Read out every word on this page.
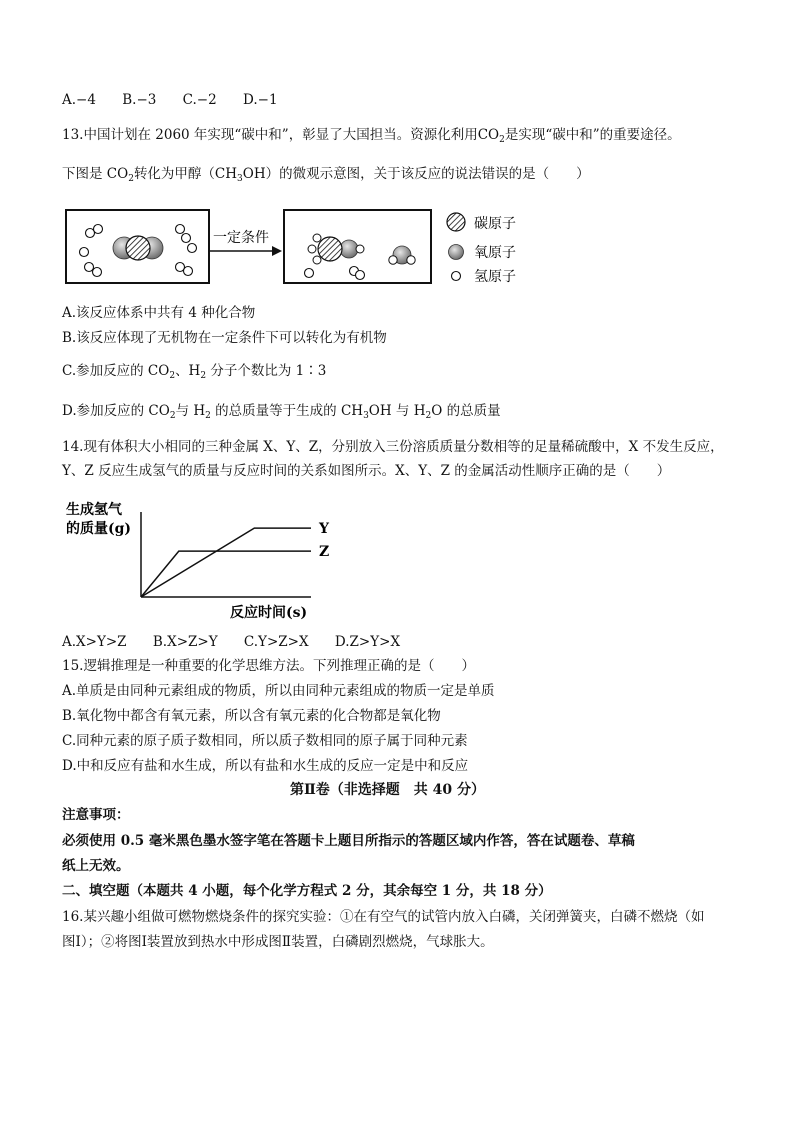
A.−4 B.−3 C.−2 D.−1
13.中国计划在 2060 年实现“碳中和”，彰显了大国担当。资源化利用$CO_2$是实现“碳中和”的重要途径。
下图是 $CO_2$转化为甲醇$(CH_3OH)$的微观示意图，关于该反应的说法错误的是（　　）
一定条件
碳原子
氧原子
氢原子
A.该反应体系中共有 4 种化合物
B.该反应体现了无机物在一定条件下可以转化为有机物
C.参加反应的 $CO_2$、$H_2$ 分子个数比为 1∶3
D.参加反应的 $CO_2$与 $H_2$ 的总质量等于生成的 $CH_3OH$ 与 $H_2O$ 的总质量
14.现有体积大小相同的三种金属 X、Y、Z，分别放入三份溶质质量分数相等的足量稀硫酸中，X 不发生反应，
Y、Z 反应生成氢气的质量与反应时间的关系如图所示。X、Y、Z 的金属活动性顺序正确的是（　　）
生成氢气
的质量(g)	Y
Z
反应时间(s)
A.X>Y>Z B.X>Z>Y C.Y>Z>X D.Z>Y>X
15.逻辑推理是一种重要的化学思维方法。下列推理正确的是（　　）
A.单质是由同种元素组成的物质，所以由同种元素组成的物质一定是单质
B.氧化物中都含有氧元素，所以含有氧元素的化合物都是氧化物
C.同种元素的原子质子数相同，所以质子数相同的原子属于同种元素
D.中和反应有盐和水生成，所以有盐和水生成的反应一定是中和反应
第Ⅱ卷（非选择题　共 40 分）
注意事项：
必须使用 0.5 毫米黑色墨水签字笔在答题卡上题目所指示的答题区域内作答，答在试题卷、草稿
纸上无效。
二、填空题（本题共 4 小题，每个化学方程式 2 分，其余每空 1 分，共 18 分）
16.某兴趣小组做可燃物燃烧条件的探究实验：①在有空气的试管内放入白磷，关闭弹簧夹，白磷不燃烧（如
图Ⅰ）；②将图Ⅰ装置放到热水中形成图Ⅱ装置，白磷剧烈燃烧，气球胀大。
